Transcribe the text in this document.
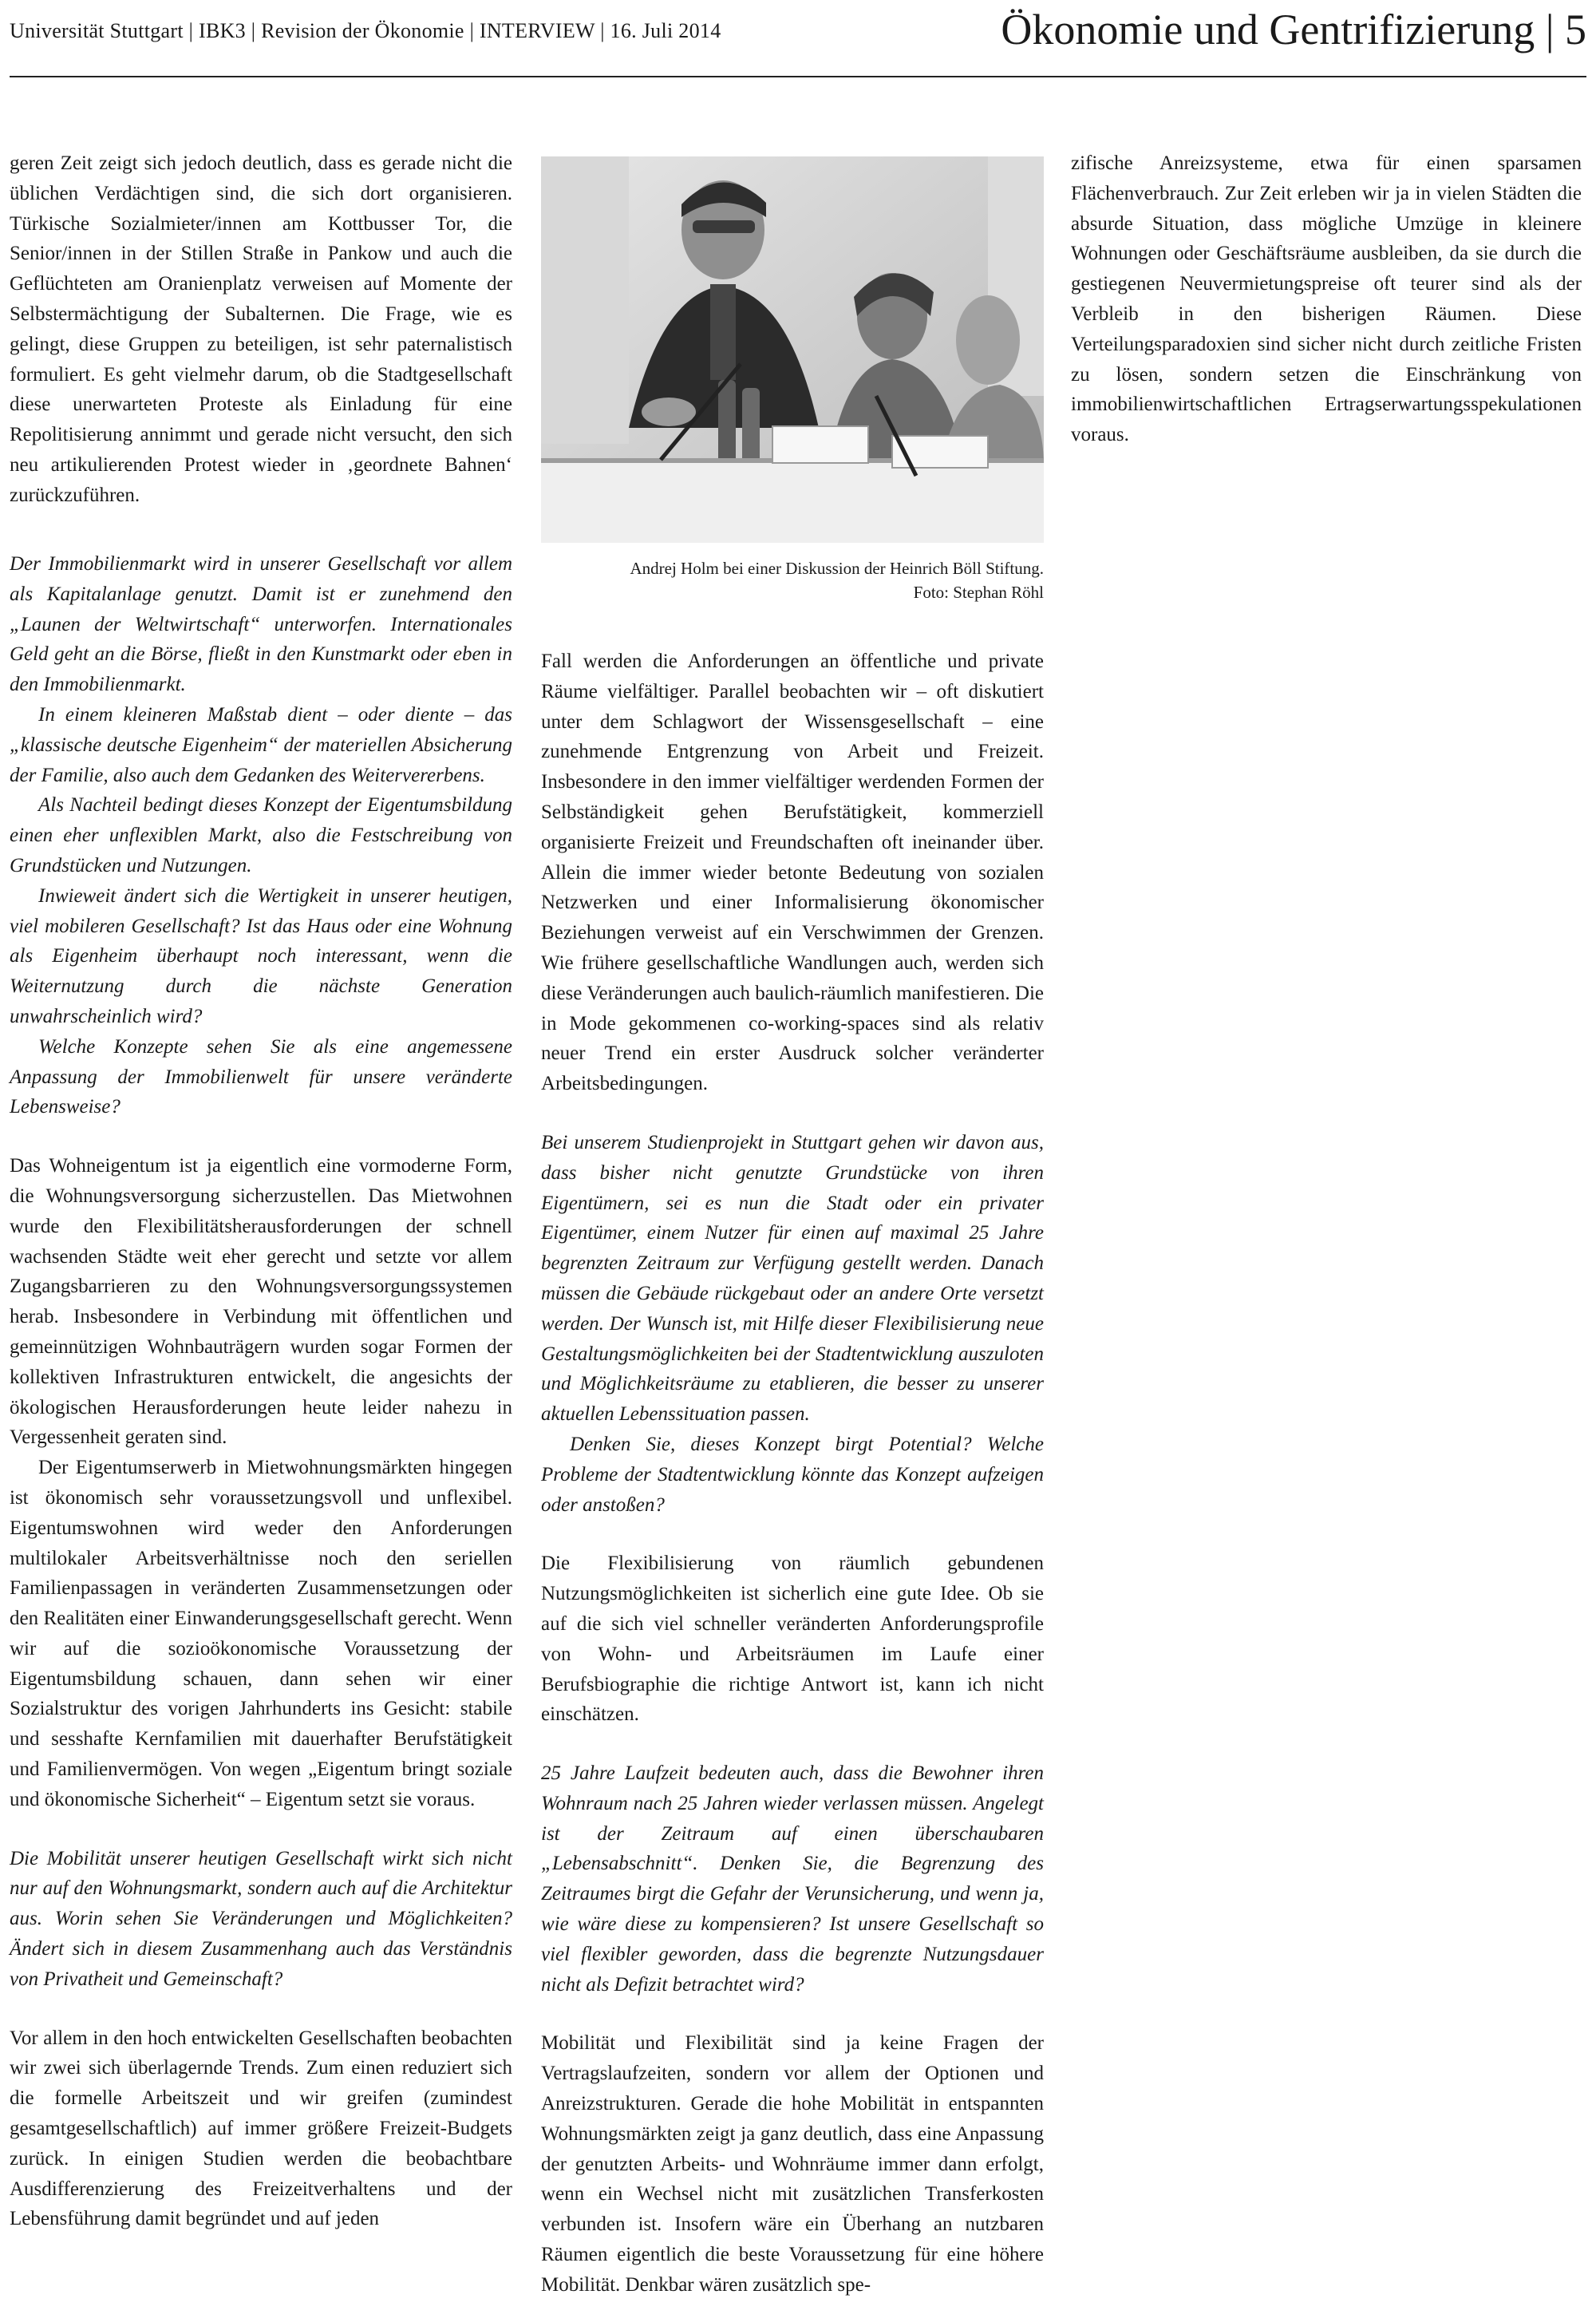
Universität Stuttgart | IBK3 | Revision der Ökonomie | INTERVIEW | 16. Juli 2014	Ökonomie und Gentrifizierung | 5

geren Zeit zeigt sich jedoch deutlich, dass es gerade nicht die üblichen Verdächtigen sind, die sich dort organisieren. Türkische Sozialmieter/innen am Kottbusser Tor, die Senior/innen in der Stillen Straße in Pankow und auch die Geflüchteten am Oranienplatz verweisen auf Momente der Selbstermächtigung der Subalternen. Die Frage, wie es gelingt, diese Gruppen zu beteiligen, ist sehr paternalistisch formuliert. Es geht vielmehr darum, ob die Stadtgesellschaft diese unerwarteten Proteste als Einladung für eine Repolitisierung annimmt und gerade nicht versucht, den sich neu artikulierenden Protest wieder in ‚geordnete Bahnen‘ zurückzuführen.

Der Immobilienmarkt wird in unserer Gesellschaft vor allem als Kapitalanlage genutzt. Damit ist er zunehmend den „Launen der Weltwirtschaft“ unterworfen. Internationales Geld geht an die Börse, fließt in den Kunstmarkt oder eben in den Immobilienmarkt.

In einem kleineren Maßstab dient – oder diente – das „klassische deutsche Eigenheim“ der materiellen Absicherung der Familie, also auch dem Gedanken des Weitervererbens.

Als Nachteil bedingt dieses Konzept der Eigentumsbildung einen eher unflexiblen Markt, also die Festschreibung von Grundstücken und Nutzungen.

Inwieweit ändert sich die Wertigkeit in unserer heutigen, viel mobileren Gesellschaft? Ist das Haus oder eine Wohnung als Eigenheim überhaupt noch interessant, wenn die Weiternutzung durch die nächste Generation unwahrscheinlich wird?

Welche Konzepte sehen Sie als eine angemessene Anpassung der Immobilienwelt für unsere veränderte Lebensweise?

Das Wohneigentum ist ja eigentlich eine vormoderne Form, die Wohnungsversorgung sicherzustellen. Das Mietwohnen wurde den Flexibilitätsherausforderungen der schnell wachsenden Städte weit eher gerecht und setzte vor allem Zugangsbarrieren zu den Wohnungsversorgungssystemen herab. Insbesondere in Verbindung mit öffentlichen und gemeinnützigen Wohnbauträgern wurden sogar Formen der kollektiven Infrastrukturen entwickelt, die angesichts der ökologischen Herausforderungen heute leider nahezu in Vergessenheit geraten sind.

Der Eigentumserwerb in Mietwohnungsmärkten hingegen ist ökonomisch sehr voraussetzungsvoll und unflexibel. Eigentumswohnen wird weder den Anforderungen multilokaler Arbeitsverhältnisse noch den seriellen Familienpassagen in veränderten Zusammensetzungen oder den Realitäten einer Einwanderungsgesellschaft gerecht. Wenn wir auf die sozioökonomische Voraussetzung der Eigentumsbildung schauen, dann sehen wir einer Sozialstruktur des vorigen Jahrhunderts ins Gesicht: stabile und sesshafte Kernfamilien mit dauerhafter Berufstätigkeit und Familienvermögen. Von wegen „Eigentum bringt soziale und ökonomische Sicherheit“ – Eigentum setzt sie voraus.

Die Mobilität unserer heutigen Gesellschaft wirkt sich nicht nur auf den Wohnungsmarkt, sondern auch auf die Architektur aus. Worin sehen Sie Veränderungen und Möglichkeiten? Ändert sich in diesem Zusammenhang auch das Verständnis von Privatheit und Gemeinschaft?

Vor allem in den hoch entwickelten Gesellschaften beobachten wir zwei sich überlagernde Trends. Zum einen reduziert sich die formelle Arbeitszeit und wir greifen (zumindest gesamtgesellschaftlich) auf immer größere Freizeit-Budgets zurück. In einigen Studien werden die beobachtbare Ausdifferenzierung des Freizeitverhaltens und der Lebensführung damit begründet und auf jeden

Andrej Holm bei einer Diskussion der Heinrich Böll Stiftung.
Foto: Stephan Röhl

Fall werden die Anforderungen an öffentliche und private Räume vielfältiger. Parallel beobachten wir – oft diskutiert unter dem Schlagwort der Wissensgesellschaft – eine zunehmende Entgrenzung von Arbeit und Freizeit. Insbesondere in den immer vielfältiger werdenden Formen der Selbständigkeit gehen Berufstätigkeit, kommerziell organisierte Freizeit und Freundschaften oft ineinander über. Allein die immer wieder betonte Bedeutung von sozialen Netzwerken und einer Informalisierung ökonomischer Beziehungen verweist auf ein Verschwimmen der Grenzen. Wie frühere gesellschaftliche Wandlungen auch, werden sich diese Veränderungen auch baulich-räumlich manifestieren. Die in Mode gekommenen co-working-spaces sind als relativ neuer Trend ein erster Ausdruck solcher veränderter Arbeitsbedingungen.

Bei unserem Studienprojekt in Stuttgart gehen wir davon aus, dass bisher nicht genutzte Grundstücke von ihren Eigentümern, sei es nun die Stadt oder ein privater Eigentümer, einem Nutzer für einen auf maximal 25 Jahre begrenzten Zeitraum zur Verfügung gestellt werden. Danach müssen die Gebäude rückgebaut oder an andere Orte versetzt werden. Der Wunsch ist, mit Hilfe dieser Flexibilisierung neue Gestaltungsmöglichkeiten bei der Stadtentwicklung auszuloten und Möglichkeitsräume zu etablieren, die besser zu unserer aktuellen Lebenssituation passen.

Denken Sie, dieses Konzept birgt Potential? Welche Probleme der Stadtentwicklung könnte das Konzept aufzeigen oder anstoßen?

Die Flexibilisierung von räumlich gebundenen Nutzungsmöglichkeiten ist sicherlich eine gute Idee. Ob sie auf die sich viel schneller veränderten Anforderungsprofile von Wohn- und Arbeitsräumen im Laufe einer Berufsbiographie die richtige Antwort ist, kann ich nicht einschätzen.

25 Jahre Laufzeit bedeuten auch, dass die Bewohner ihren Wohnraum nach 25 Jahren wieder verlassen müssen. Angelegt ist der Zeitraum auf einen überschaubaren „Lebensabschnitt“. Denken Sie, die Begrenzung des Zeitraumes birgt die Gefahr der Verunsicherung, und wenn ja, wie wäre diese zu kompensieren? Ist unsere Gesellschaft so viel flexibler geworden, dass die begrenzte Nutzungsdauer nicht als Defizit betrachtet wird?

Mobilität und Flexibilität sind ja keine Fragen der Vertragslaufzeiten, sondern vor allem der Optionen und Anreizstrukturen. Gerade die hohe Mobilität in entspannten Wohnungsmärkten zeigt ja ganz deutlich, dass eine Anpassung der genutzten Arbeits- und Wohnräume immer dann erfolgt, wenn ein Wechsel nicht mit zusätzlichen Transferkosten verbunden ist. Insofern wäre ein Überhang an nutzbaren Räumen eigentlich die beste Voraussetzung für eine höhere Mobilität. Denkbar wären zusätzlich spe-

zifische Anreizsysteme, etwa für einen sparsamen Flächenverbrauch. Zur Zeit erleben wir ja in vielen Städten die absurde Situation, dass mögliche Umzüge in kleinere Wohnungen oder Geschäftsräume ausbleiben, da sie durch die gestiegenen Neuvermietungspreise oft teurer sind als der Verbleib in den bisherigen Räumen. Diese Verteilungsparadoxien sind sicher nicht durch zeitliche Fristen zu lösen, sondern setzen die Einschränkung von immobilienwirtschaftlichen Ertragserwartungsspekulationen voraus.
